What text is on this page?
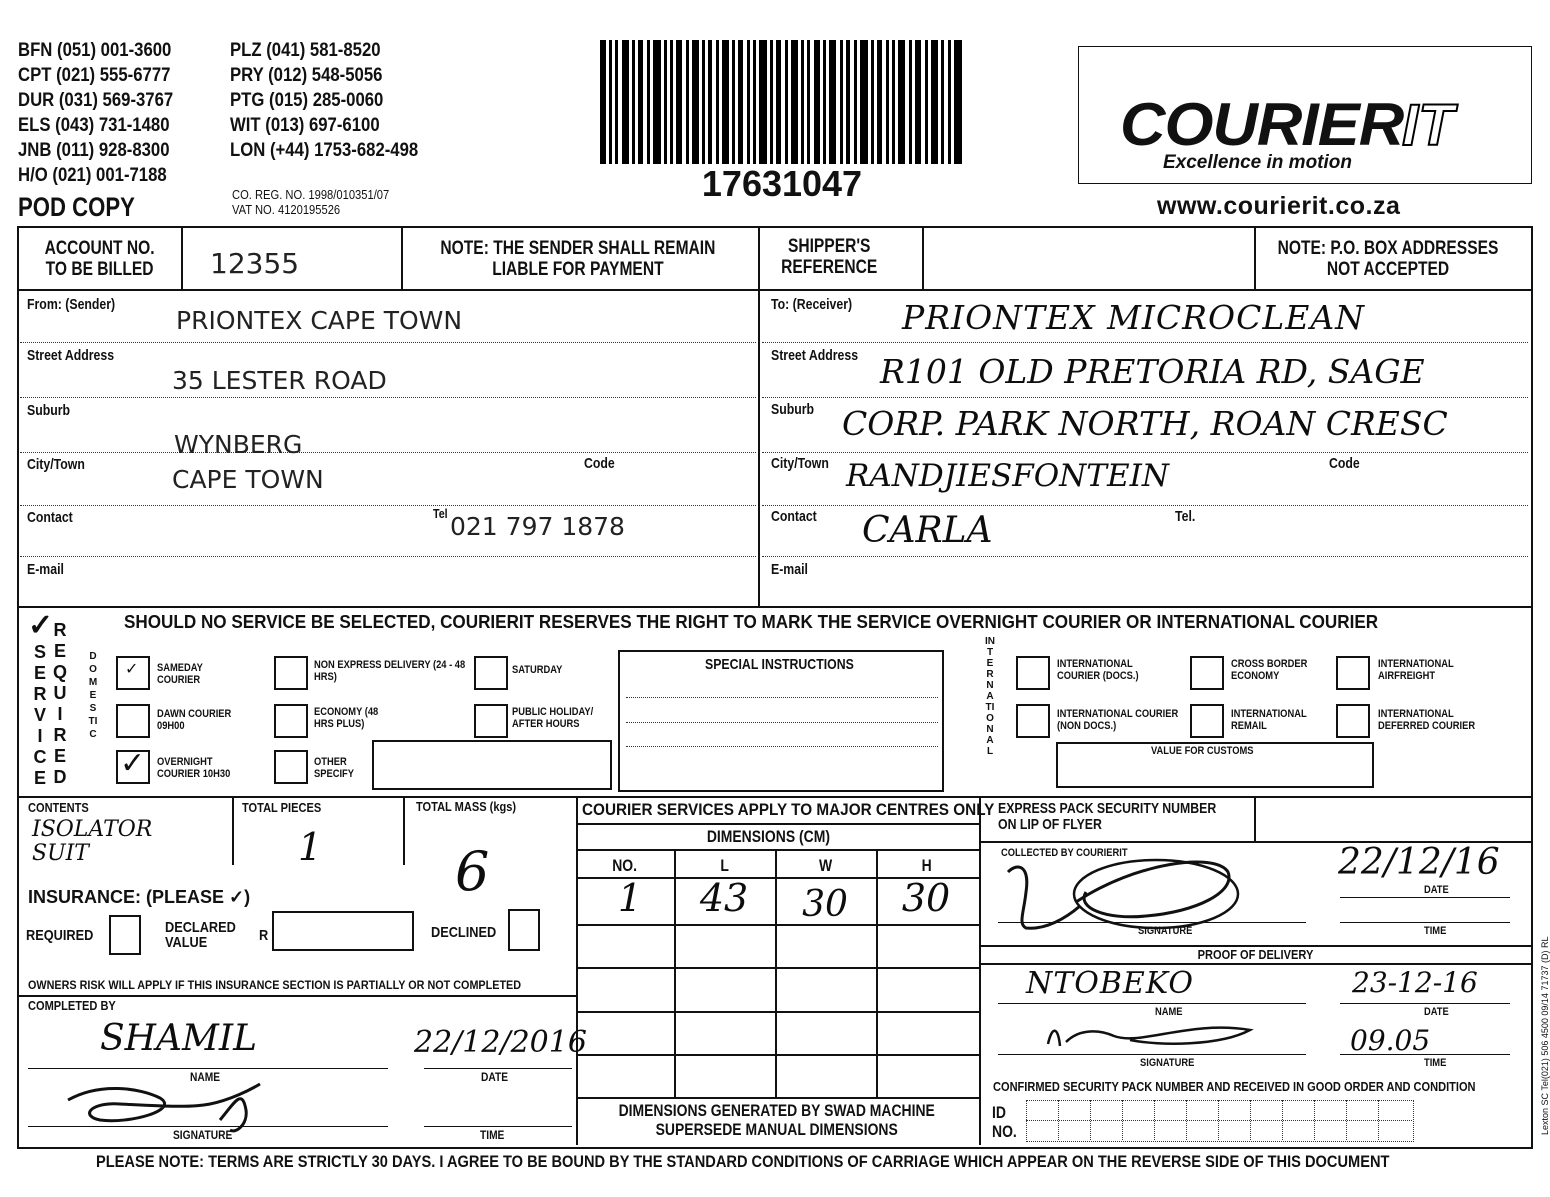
BFN (051) 001-3600
CPT (021) 555-6777
DUR (031) 569-3767
ELS (043) 731-1480
JNB (011) 928-8300
H/O (021) 001-7188
PLZ (041) 581-8520
PRY (012) 548-5056
PTG (015) 285-0060
WIT (013) 697-6100
LON (+44) 1753-682-498
POD COPY	CO. REG. NO. 1998/010351/07
VAT NO. 4120195526
17631047
COURIER IT
Excellence in motion
www.courierit.co.za
ACCOUNT NO. TO BE BILLED	12355	NOTE: THE SENDER SHALL REMAIN LIABLE FOR PAYMENT
SHIPPER'S REFERENCE
NOTE: P.O. BOX ADDRESSES NOT ACCEPTED
From: (Sender)
PRIONTEX CAPE TOWN
Street Address
35 LESTER ROAD
Suburb
WYNBERG
City/Town
CAPE TOWN
Code
Contact	Tel 021 797 1878
E-mail
To: (Receiver) PRIONTEX MICROCLEAN
Street Address R101 OLD PRETORIA RD, SAGE
Suburb CORP. PARK NORTH, ROAN CRESC
City/Town RANDJIESFONTEIN	Code
Contact CARLA	Tel.
E-mail
✓
SERVICE
REQUIRED
DOMESTIC
SHOULD NO SERVICE BE SELECTED, COURIERIT RESERVES THE RIGHT TO MARK THE SERVICE OVERNIGHT COURIER OR INTERNATIONAL COURIER
✓ SAMEDAY COURIER
DAWN COURIER 09H00
✓ OVERNIGHT COURIER 10H30
NON EXPRESS DELIVERY (24 - 48 HRS)
ECONOMY (48 HRS PLUS)
OTHER SPECIFY
SATURDAY
PUBLIC HOLIDAY/ AFTER HOURS
SPECIAL INSTRUCTIONS
INTERNATIONAL
INTERNATIONAL COURIER (DOCS.)
CROSS BORDER ECONOMY
INTERNATIONAL AIRFREIGHT
INTERNATIONAL COURIER (NON DOCS.)
INTERNATIONAL REMAIL
INTERNATIONAL DEFERRED COURIER
VALUE FOR CUSTOMS
CONTENTS
ISOLATOR SUIT
TOTAL PIECES
1
TOTAL MASS (kgs)
6
INSURANCE: (PLEASE ✓)
REQUIRED	DECLARED VALUE	R	DECLINED
OWNERS RISK WILL APPLY IF THIS INSURANCE SECTION IS PARTIALLY OR NOT COMPLETED
COMPLETED BY
SHAMIL
NAME
22/12/2016
DATE
SIGNATURE	TIME
COURIER SERVICES APPLY TO MAJOR CENTRES ONLY
DIMENSIONS (CM)
NO.	L	W	H
1	43	30	30
DIMENSIONS GENERATED BY SWAD MACHINE SUPERSEDE MANUAL DIMENSIONS
EXPRESS PACK SECURITY NUMBER ON LIP OF FLYER
COLLECTED BY COURIERIT	22/12/16
SIGNATURE
DATE
TIME
PROOF OF DELIVERY
NTOBEKO
NAME
23-12-16
DATE
09.05
SIGNATURE	TIME
CONFIRMED SECURITY PACK NUMBER AND RECEIVED IN GOOD ORDER AND CONDITION
ID NO.	Lexton SC Tel(021) 506 4500 09/14 71737 (D) RL
PLEASE NOTE: TERMS ARE STRICTLY 30 DAYS. I AGREE TO BE BOUND BY THE STANDARD CONDITIONS OF CARRIAGE WHICH APPEAR ON THE REVERSE SIDE OF THIS DOCUMENT
